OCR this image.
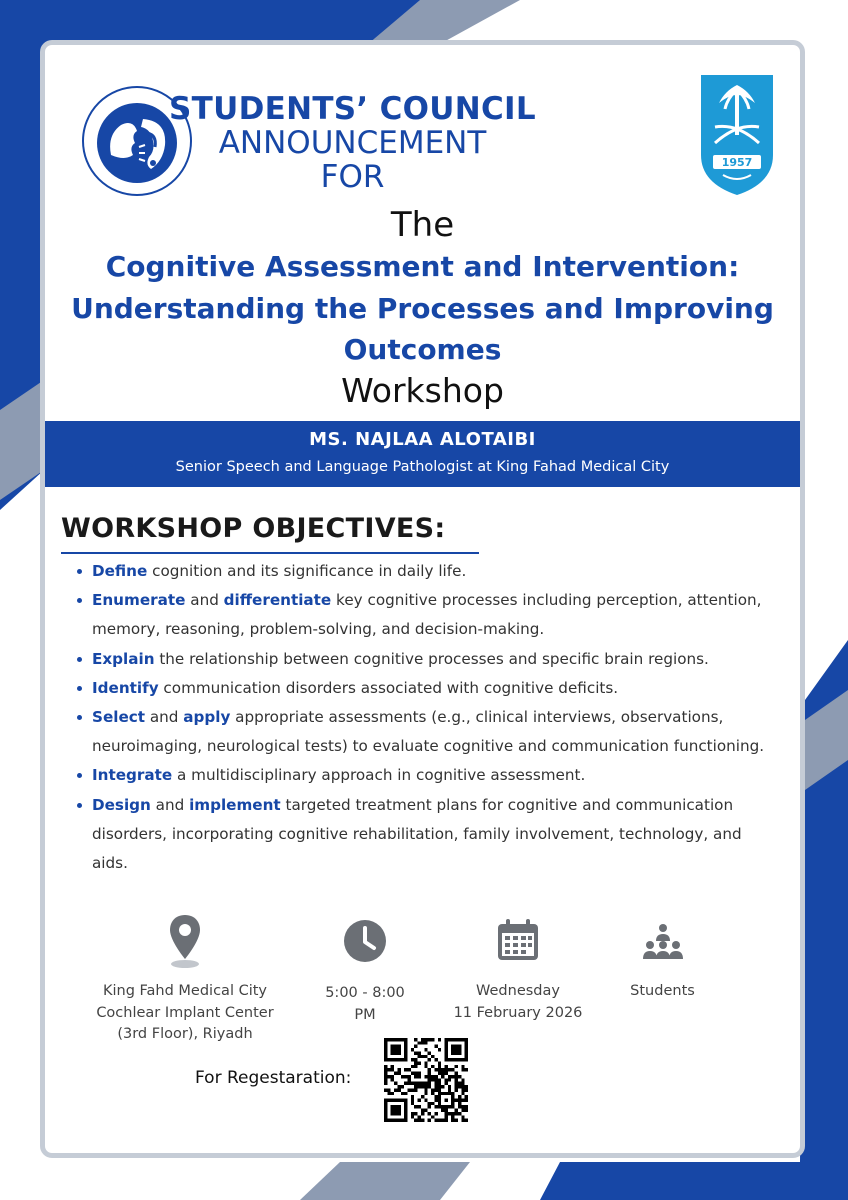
1957
STUDENTS’ COUNCIL
ANNOUNCEMENT
FOR
The
Cognitive Assessment and Intervention:
Understanding the Processes and Improving
Outcomes
Workshop
MS. NAJLAA ALOTAIBI
Senior Speech and Language Pathologist at King Fahad Medical City
WORKSHOP OBJECTIVES:
Define cognition and its significance in daily life.
Enumerate and differentiate key cognitive processes including perception, attention, memory, reasoning, problem-solving, and decision-making.
Explain the relationship between cognitive processes and specific brain regions.
Identify communication disorders associated with cognitive deficits.
Select and apply appropriate assessments (e.g., clinical interviews, observations, neuroimaging, neurological tests) to evaluate cognitive and communication functioning.
Integrate a multidisciplinary approach in cognitive assessment.
Design and implement targeted treatment plans for cognitive and communication disorders, incorporating cognitive rehabilitation, family involvement, technology, and aids.
King Fahd Medical City
Cochlear Implant Center
(3rd Floor), Riyadh
5:00 - 8:00
PM
Wednesday
11 February 2026
Students
For Regestaration:
